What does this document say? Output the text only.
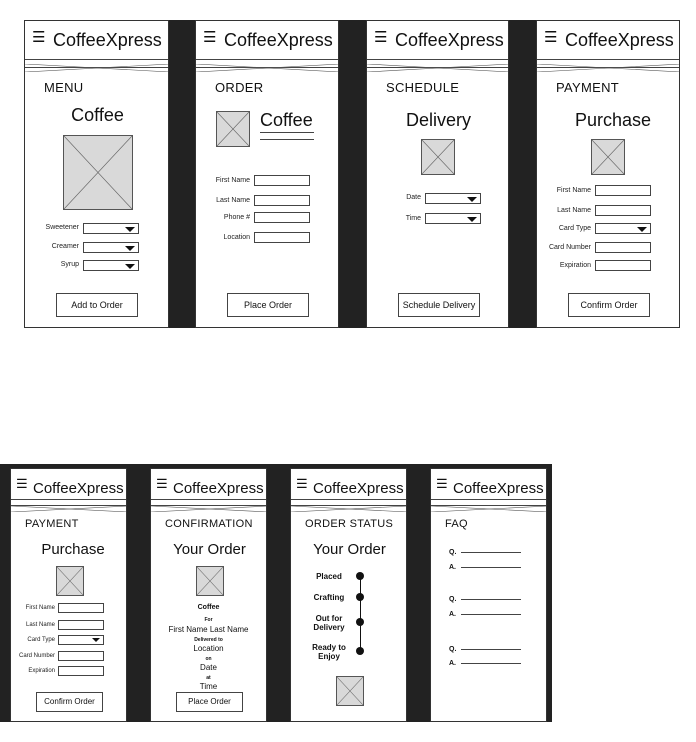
☰ CoffeeXpress
MENU
Coffee
Sweetener
Creamer
Syrup
Add to Order
☰ CoffeeXpress
ORDER
Coffee
First Name
Last Name
Phone #
Location
Place Order
☰ CoffeeXpress
SCHEDULE
Delivery
Date
Time
Schedule Delivery
☰ CoffeeXpress
PAYMENT
Purchase
First Name
Last Name
Card Type
Card Number
Expiration
Confirm Order
☰ CoffeeXpress
PAYMENT
Purchase
First Name
Last Name
Card Type
Card Number
Expiration
Confirm Order
☰ CoffeeXpress
CONFIRMATION
Your Order
Coffee
For
First Name Last Name
Delivered to
Location
on
Date
at
Time
Place Order
☰ CoffeeXpress
ORDER STATUS
Your Order
Placed
Crafting
Out for Delivery
Ready to Enjoy
☰ CoffeeXpress
FAQ
Q.
A.
Q.
A.
Q.
A.
